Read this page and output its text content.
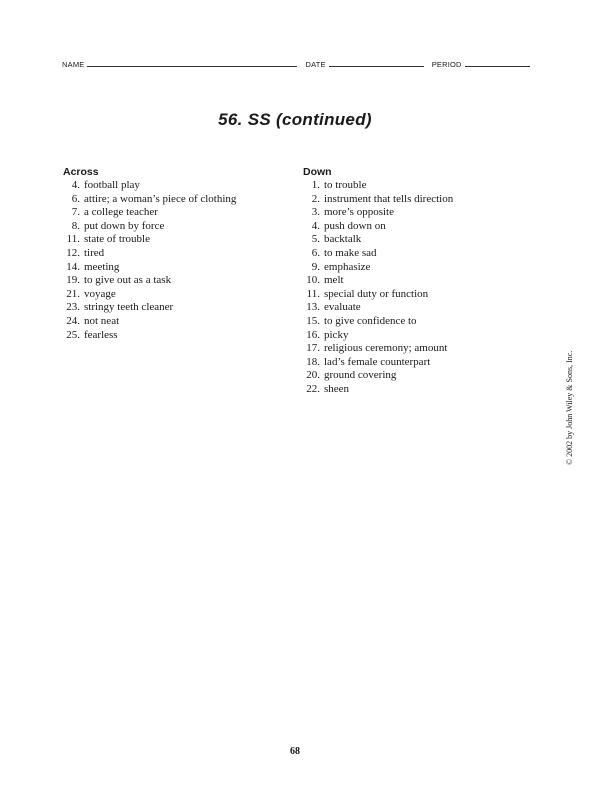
NAME	DATE	PERIOD
56. SS (continued)
Across
4. football play
6. attire; a woman’s piece of clothing
7. a college teacher
8. put down by force
11. state of trouble
12. tired
14. meeting
19. to give out as a task
21. voyage
23. stringy teeth cleaner
24. not neat
25. fearless
Down
1. to trouble
2. instrument that tells direction
3. more’s opposite
4. push down on
5. backtalk
6. to make sad
9. emphasize
10. melt
11. special duty or function
13. evaluate
15. to give confidence to
16. picky
17. religious ceremony; amount
18. lad’s female counterpart
20. ground covering
22. sheen	© 2002 by John Wiley & Sons, Inc.
68
